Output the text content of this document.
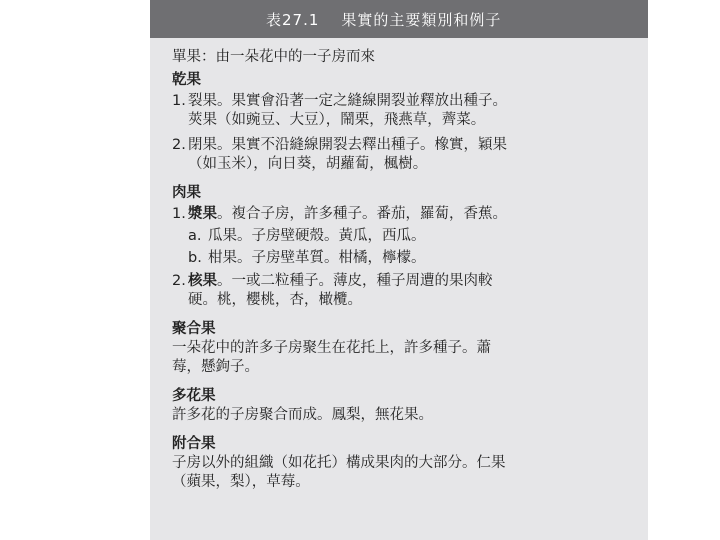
表27.1 果實的主要類別和例子
單果：由一朵花中的一子房而來
乾果
1. 裂果。果實會沿著一定之縫線開裂並釋放出種子。
莢果（如豌豆、大豆），鬧栗，飛燕草，薺菜。
2. 閉果。果實不沿縫線開裂去釋出種子。橡實，穎果
（如玉米），向日葵，胡蘿蔔，楓樹。
肉果
1. 漿果。複合子房，許多種子。番茄，羅蔔，香蕉。
a. 瓜果。子房壁硬殼。黃瓜，西瓜。
b. 柑果。子房壁革質。柑橘，檸檬。
2. 核果。一或二粒種子。薄皮，種子周遭的果肉較
硬。桃，櫻桃，杏，橄欖。
聚合果
一朵花中的許多子房聚生在花托上，許多種子。蕭
莓，懸鉤子。
多花果
許多花的子房聚合而成。鳳梨，無花果。
附合果
子房以外的組織（如花托）構成果肉的大部分。仁果
（蘋果，梨），草莓。
